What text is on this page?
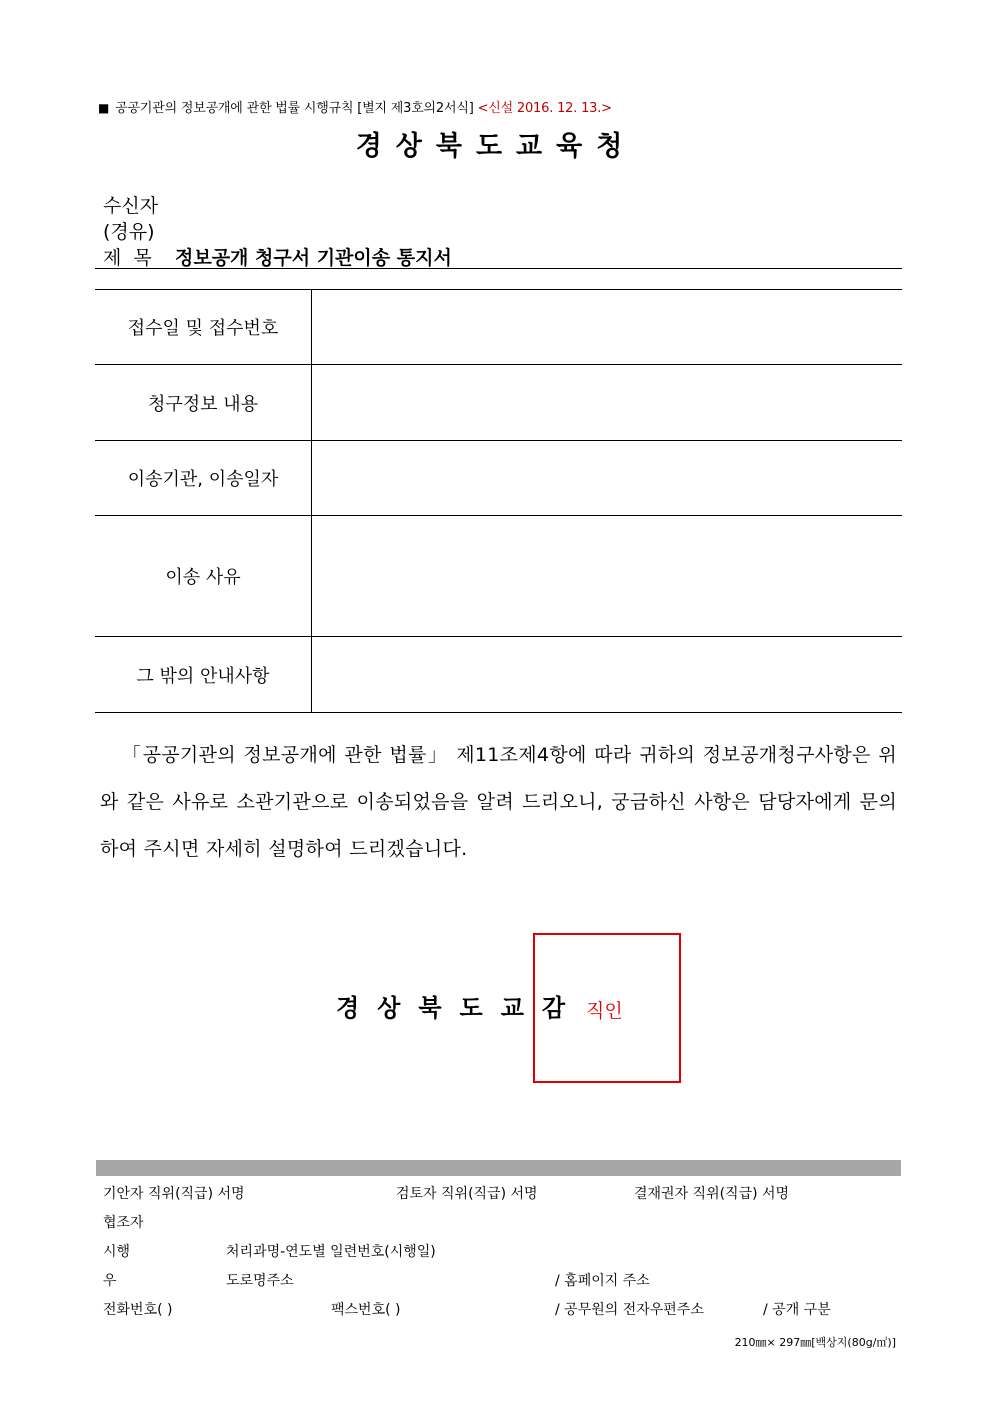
■ 공공기관의 정보공개에 관한 법률 시행규칙 [별지 제3호의2서식] <신설 2016. 12. 13.>
경상북도교육청
수신자
(경유)
제목 정보공개 청구서 기관이송 통지서
접수일 및 접수번호	
청구정보 내용	
이송기관, 이송일자	
이송 사유	
그 밖의 안내사항	
「공공기관의 정보공개에 관한 법률」 제11조제4항에 따라 귀하의 정보공개청구사항은 위와 같은 사유로 소관기관으로 이송되었음을 알려 드리오니, 궁금하신 사항은 담당자에게 문의하여 주시면 자세히 설명하여 드리겠습니다.
경상북도교감 직인
기안자 직위(직급) 서명	검토자 직위(직급) 서명	결재권자 직위(직급) 서명
협조자
시행	처리과명-연도별 일련번호(시행일)
우	도로명주소	/ 홈페이지 주소
전화번호( )	팩스번호( )	/ 공무원의 전자우편주소	/ 공개 구분
210㎜× 297㎜[백상지(80g/㎡)]
